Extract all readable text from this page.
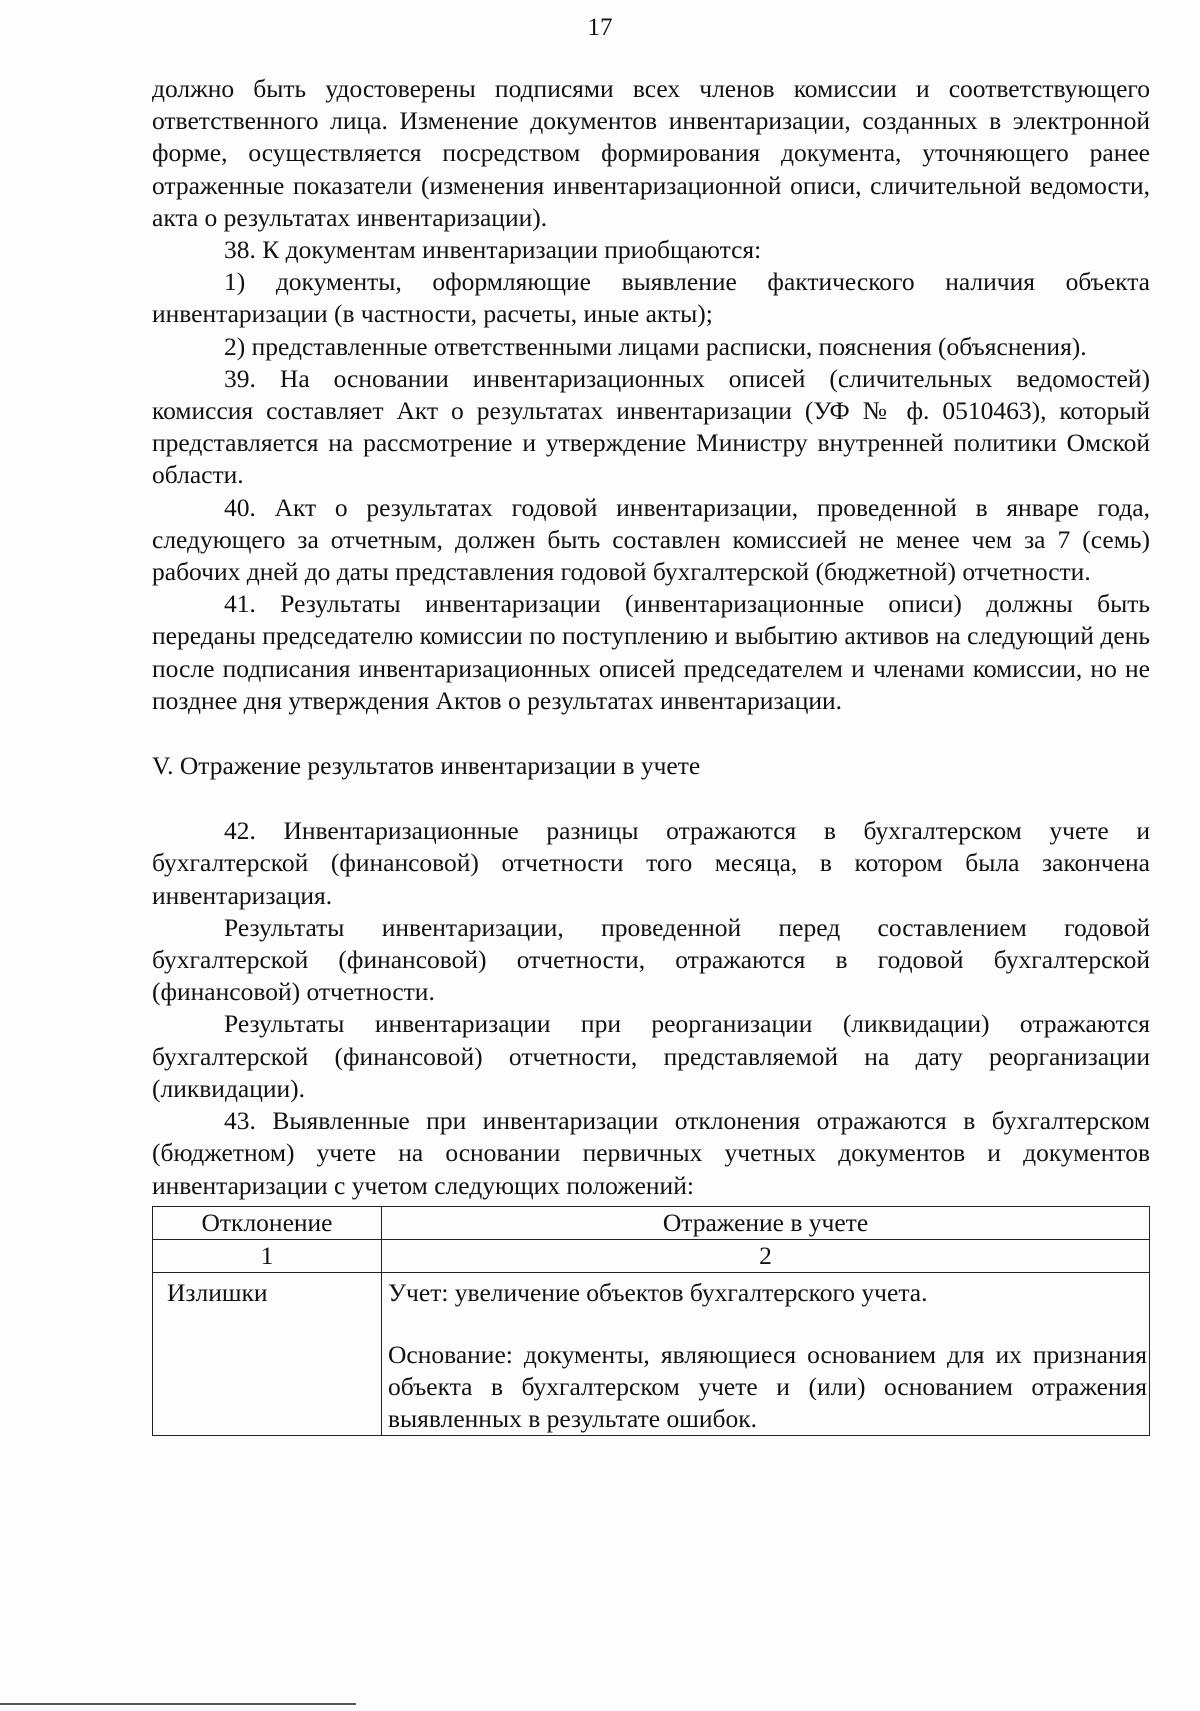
17

должно быть удостоверены подписями всех членов комиссии и соответствующего ответственного лица. Изменение документов инвентаризации, созданных в электронной форме, осуществляется посредством формирования документа, уточняющего ранее отраженные показатели (изменения инвентаризационной описи, сличительной ведомости, акта о результатах инвентаризации).

38. К документам инвентаризации приобщаются:

1) документы, оформляющие выявление фактического наличия объекта инвентаризации (в частности, расчеты, иные акты);

2) представленные ответственными лицами расписки, пояснения (объяснения).

39. На основании инвентаризационных описей (сличительных ведомостей) комиссия составляет Акт о результатах инвентаризации (УФ № ф. 0510463), который представляется на рассмотрение и утверждение Министру внутренней политики Омской области.

40. Акт о результатах годовой инвентаризации, проведенной в январе года, следующего за отчетным, должен быть составлен комиссией не менее чем за 7 (семь) рабочих дней до даты представления годовой бухгалтерской (бюджетной) отчетности.

41. Результаты инвентаризации (инвентаризационные описи) должны быть переданы председателю комиссии по поступлению и выбытию активов на следующий день после подписания инвентаризационных описей председателем и членами комиссии, но не позднее дня утверждения Актов о результатах инвентаризации.

V. Отражение результатов инвентаризации в учете

42. Инвентаризационные разницы отражаются в бухгалтерском учете и бухгалтерской (финансовой) отчетности того месяца, в котором была закончена инвентаризация.

Результаты инвентаризации, проведенной перед составлением годовой бухгалтерской (финансовой) отчетности, отражаются в годовой бухгалтерской (финансовой) отчетности.

Результаты инвентаризации при реорганизации (ликвидации) отражаются бухгалтерской (финансовой) отчетности, представляемой на дату реорганизации (ликвидации).

43. Выявленные при инвентаризации отклонения отражаются в бухгалтерском (бюджетном) учете на основании первичных учетных документов и документов инвентаризации с учетом следующих положений:

Отклонение	Отражение в учете
1	2
Излишки	Учет: увеличение объектов бухгалтерского учета.

Основание: документы, являющиеся основанием для их признания объекта в бухгалтерском учете и (или) основанием отражения выявленных в результате ошибок.
